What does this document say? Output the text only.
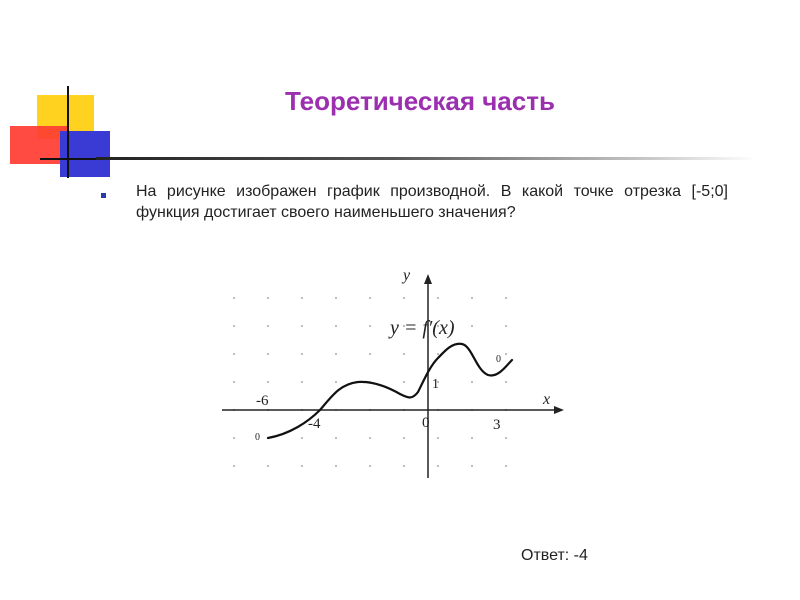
Теоретическая часть

На рисунке изображен график производной. В какой точке отрезка [-5;0] функция достигает своего наименьшего значения?

y
x
y = f′(x)
-6
-4	0	3
1
0
0
Ответ: -4
